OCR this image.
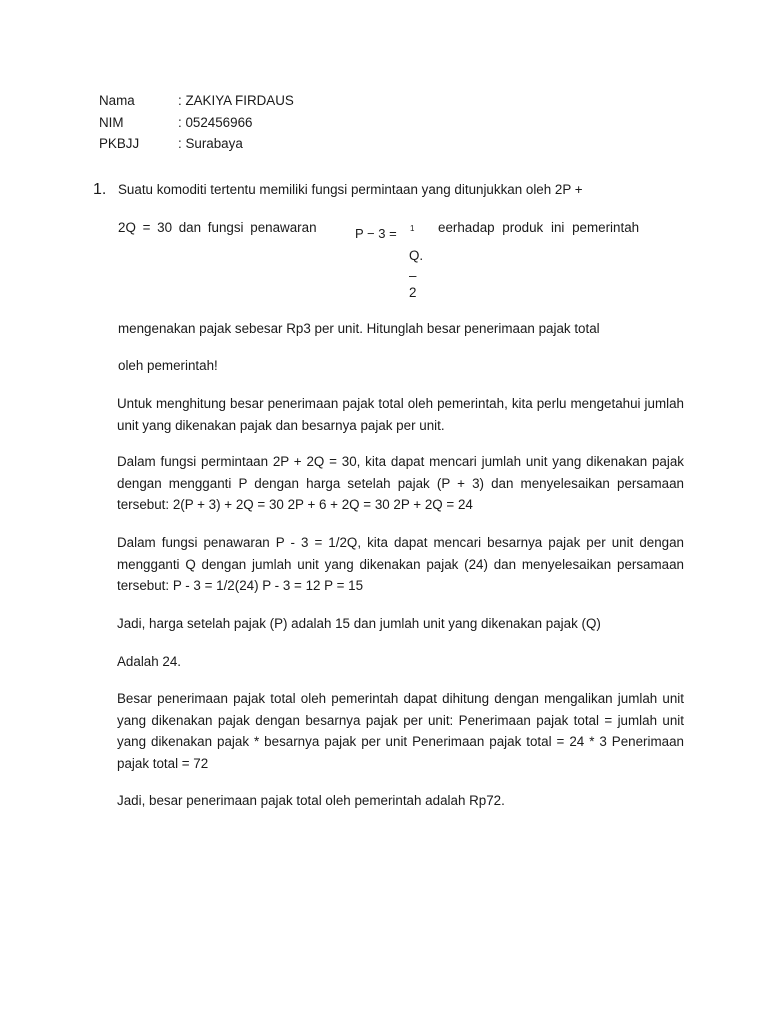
Nama	: ZAKIYA FIRDAUS
NIM	: 052456966
PKBJJ	: Surabaya
1. Suatu komoditi tertentu memiliki fungsi permintaan yang ditunjukkan oleh 2P +
2Q = 30 dan fungsi penawaran	P − 3 = 1
Q.
–
2
eerhadap produk ini pemerintah
mengenakan pajak sebesar Rp3 per unit. Hitunglah besar penerimaan pajak total
oleh pemerintah!
Untuk menghitung besar penerimaan pajak total oleh pemerintah, kita perlu mengetahui jumlah unit yang dikenakan pajak dan besarnya pajak per unit.
Dalam fungsi permintaan 2P + 2Q = 30, kita dapat mencari jumlah unit yang dikenakan pajak dengan mengganti P dengan harga setelah pajak (P + 3) dan menyelesaikan persamaan tersebut: 2(P + 3) + 2Q = 30 2P + 6 + 2Q = 30 2P + 2Q = 24
Dalam fungsi penawaran P - 3 = 1/2Q, kita dapat mencari besarnya pajak per unit dengan mengganti Q dengan jumlah unit yang dikenakan pajak (24) dan menyelesaikan persamaan tersebut: P - 3 = 1/2(24) P - 3 = 12 P = 15
Jadi, harga setelah pajak (P) adalah 15 dan jumlah unit yang dikenakan pajak (Q)
Adalah 24.
Besar penerimaan pajak total oleh pemerintah dapat dihitung dengan mengalikan jumlah unit yang dikenakan pajak dengan besarnya pajak per unit: Penerimaan pajak total = jumlah unit yang dikenakan pajak * besarnya pajak per unit Penerimaan pajak total = 24 * 3 Penerimaan pajak total = 72
Jadi, besar penerimaan pajak total oleh pemerintah adalah Rp72.
